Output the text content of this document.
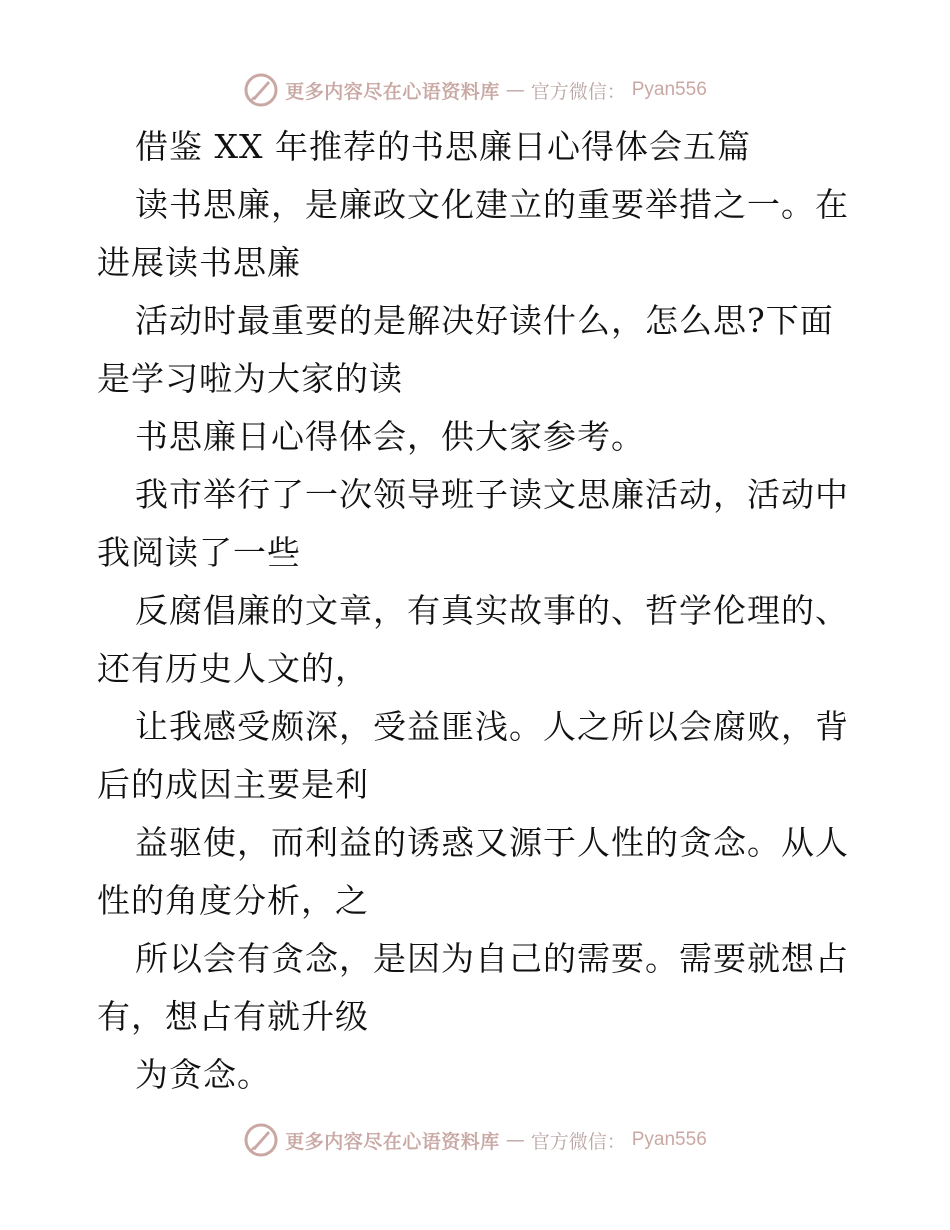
更多内容尽在心语资料库 — 官方微信： Pyan556
借鉴 XX 年推荐的书思廉日心得体会五篇
读书思廉，是廉政文化建立的重要举措之一。在
进展读书思廉
活动时最重要的是解决好读什么，怎么思?下面
是学习啦为大家的读
书思廉日心得体会，供大家参考。
我市举行了一次领导班子读文思廉活动，活动中
我阅读了一些
反腐倡廉的文章，有真实故事的、哲学伦理的、
还有历史人文的，
让我感受颇深，受益匪浅。人之所以会腐败，背
后的成因主要是利
益驱使，而利益的诱惑又源于人性的贪念。从人
性的角度分析，之
所以会有贪念，是因为自己的需要。需要就想占
有，想占有就升级
为贪念。
更多内容尽在心语资料库 — 官方微信： Pyan556
